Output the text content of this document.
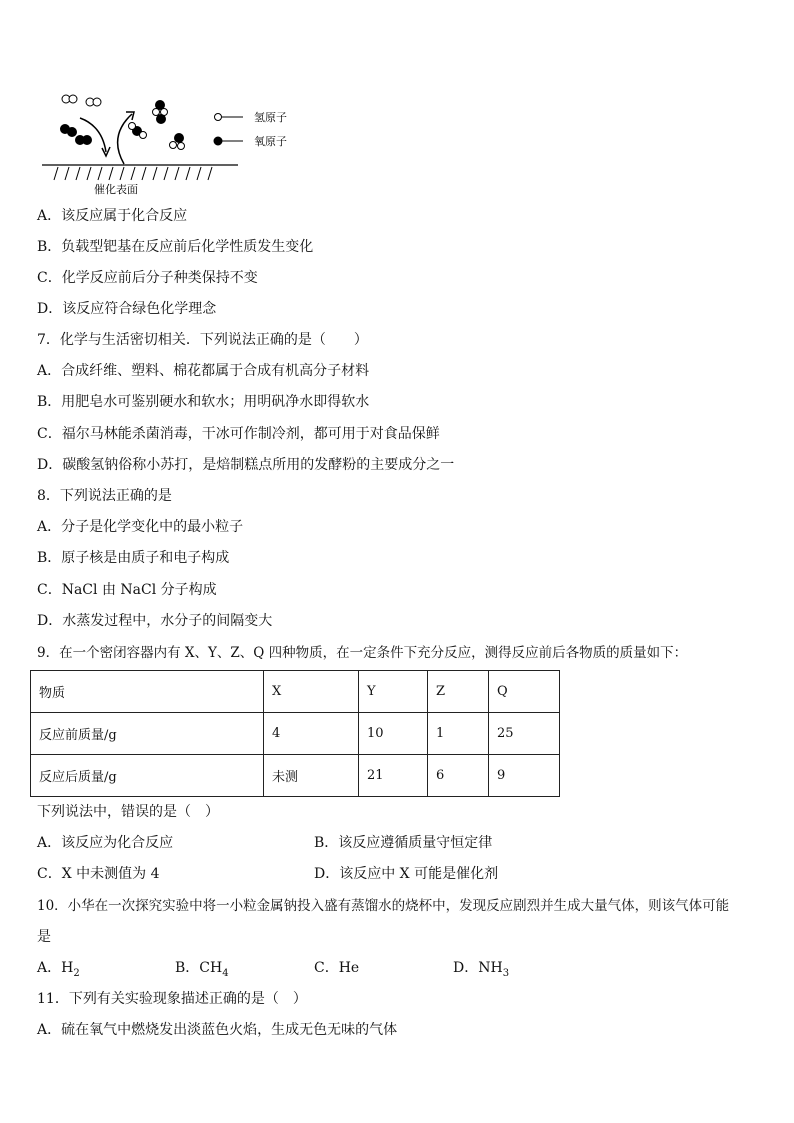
催化表面
氢原子
氧原子
A．该反应属于化合反应
B．负载型钯基在反应前后化学性质发生变化
C．化学反应前后分子种类保持不变
D．该反应符合绿色化学理念
7．化学与生活密切相关．下列说法正确的是（　　）
A．合成纤维、塑料、棉花都属于合成有机高分子材料
B．用肥皂水可鉴别硬水和软水；用明矾净水即得软水
C．福尔马林能杀菌消毒，干冰可作制冷剂，都可用于对食品保鲜
D．碳酸氢钠俗称小苏打，是焙制糕点所用的发酵粉的主要成分之一
8．下列说法正确的是
A．分子是化学变化中的最小粒子
B．原子核是由质子和电子构成
C．NaCl 由 NaCl 分子构成
D．水蒸发过程中，水分子的间隔变大
9．在一个密闭容器内有 X、Y、Z、Q 四种物质，在一定条件下充分反应，测得反应前后各物质的质量如下：
物质	X	Y	Z	Q
反应前质量/g	4	10	1	25
反应后质量/g	未测	21	6	9
下列说法中，错误的是（　）
A．该反应为化合反应	B．该反应遵循质量守恒定律
C．X 中未测值为 4	D．该反应中 X 可能是催化剂
10．小华在一次探究实验中将一小粒金属钠投入盛有蒸馏水的烧杯中，发现反应剧烈并生成大量气体，则该气体可能
是
A．$H_2$	B．$CH_4$	C．He	D．$NH_3$
11．下列有关实验现象描述正确的是（　）
A．硫在氧气中燃烧发出淡蓝色火焰，生成无色无味的气体
